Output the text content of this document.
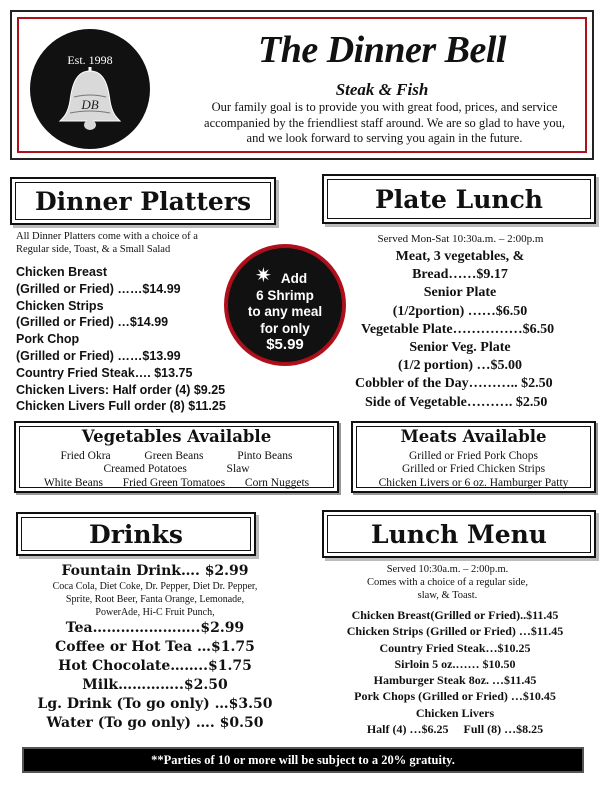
Est. 1998
DB
The Dinner Bell
Steak & Fish
Our family goal is to provide you with great food, prices, and service
accompanied by the friendliest staff around. We are so glad to have you,
and we look forward to serving you again in the future.
Dinner Platters
All Dinner Platters come with a choice of a
Regular side, Toast, & a Small Salad
Chicken Breast
(Grilled or Fried) ……$14.99
Chicken Strips
(Grilled or Fried) …$14.99
Pork Chop
(Grilled or Fried) ……$13.99
Country Fried Steak…. $13.75
Chicken Livers: Half order (4) $9.25
Chicken Livers Full order (8) $11.25
✷ Add
6 Shrimp
to any meal
for only
$5.99
Plate Lunch
Served Mon-Sat 10:30a.m. – 2:00p.m
Meat, 3 vegetables, &
Bread……$9.17
Senior Plate
(1/2portion) ……$6.50
Vegetable Plate……………$6.50
Senior Veg. Plate
(1/2 portion) …$5.00
Cobbler of the Day……….. $2.50
Side of Vegetable………. $2.50
Vegetables Available
Fried Okra	Green Beans	Pinto Beans
Creamed Potatoes	Slaw
White Beans Fried Green Tomatoes Corn Nuggets
Meats Available
Grilled or Fried Pork Chops
Grilled or Fried Chicken Strips
Chicken Livers or 6 oz. Hamburger Patty
Drinks
Fountain Drink…. $2.99
Coca Cola, Diet Coke, Dr. Pepper, Diet Dr. Pepper,
Sprite, Root Beer, Fanta Orange, Lemonade,
PowerAde, Hi-C Fruit Punch,
Tea…………………..$2.99
Coffee or Hot Tea …$1.75
Hot Chocolate……..$1.75
Milk…………..$2.50
Lg. Drink (To go only) …$3.50
Water (To go only) …. $0.50
Lunch Menu
Served 10:30a.m. – 2:00p.m.
Comes with a choice of a regular side,
slaw, & Toast.
Chicken Breast(Grilled or Fried)..$11.45
Chicken Strips (Grilled or Fried) …$11.45
Country Fried Steak…$10.25
Sirloin 5 oz.…… $10.50
Hamburger Steak 8oz. …$11.45
Pork Chops (Grilled or Fried) …$10.45
Chicken Livers
Half (4) …$6.25     Full (8) …$8.25
**Parties of 10 or more will be subject to a 20% gratuity.
